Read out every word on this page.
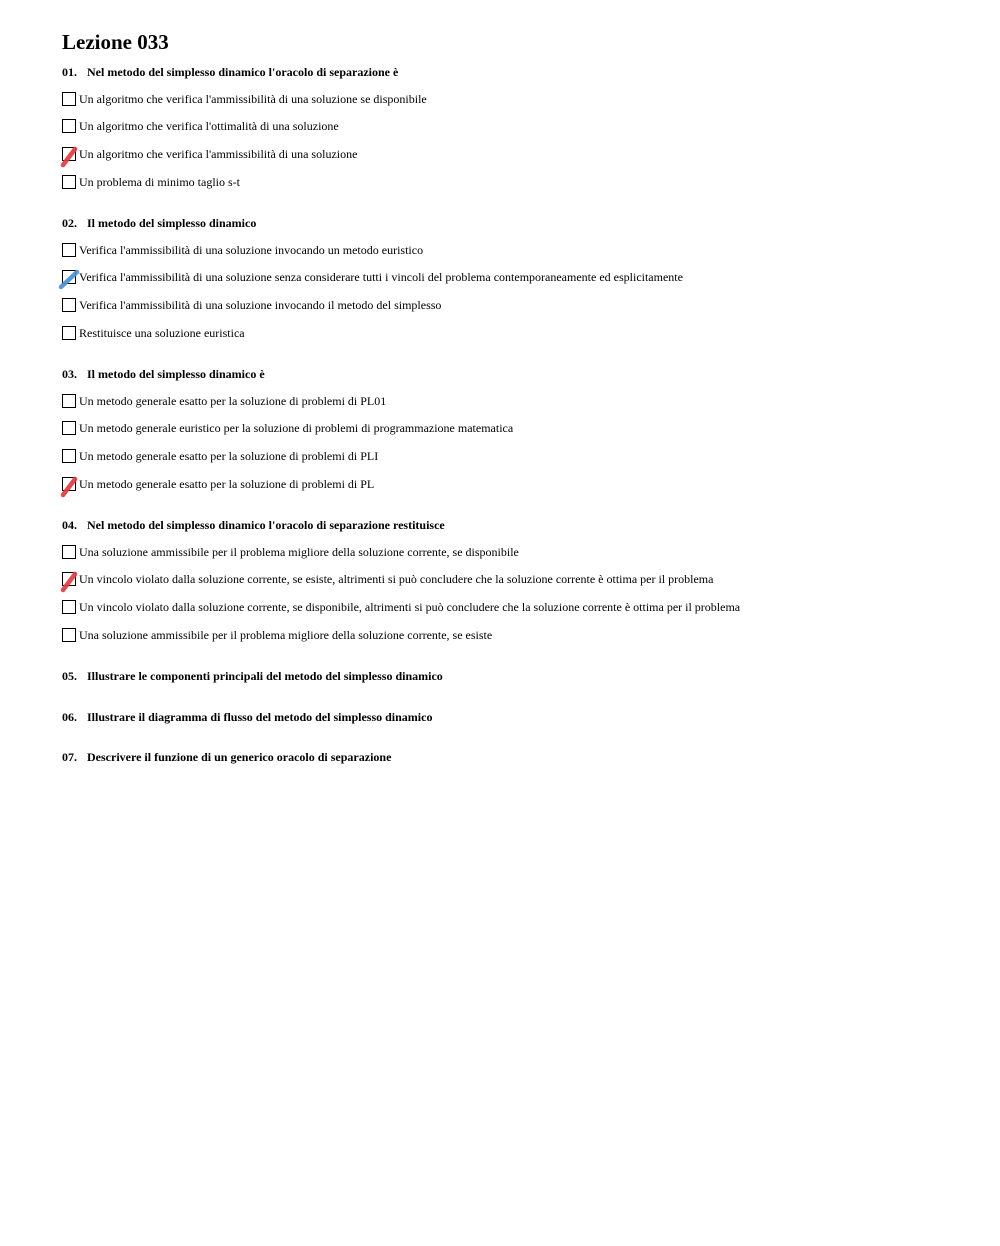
Lezione 033
01. Nel metodo del simplesso dinamico l'oracolo di separazione è
Un algoritmo che verifica l'ammissibilità di una soluzione se disponibile
Un algoritmo che verifica l'ottimalità di una soluzione
Un algoritmo che verifica l'ammissibilità di una soluzione
Un problema di minimo taglio s-t
02. Il metodo del simplesso dinamico
Verifica l'ammissibilità di una soluzione invocando un metodo euristico
Verifica l'ammissibilità di una soluzione senza considerare tutti i vincoli del problema contemporaneamente ed esplicitamente
Verifica l'ammissibilità di una soluzione invocando il metodo del simplesso
Restituisce una soluzione euristica
03. Il metodo del simplesso dinamico è
Un metodo generale esatto per la soluzione di problemi di PL01
Un metodo generale euristico per la soluzione di problemi di programmazione matematica
Un metodo generale esatto per la soluzione di problemi di PLI
Un metodo generale esatto per la soluzione di problemi di PL
04. Nel metodo del simplesso dinamico l'oracolo di separazione restituisce
Una soluzione ammissibile per il problema migliore della soluzione corrente, se disponibile
Un vincolo violato dalla soluzione corrente, se esiste, altrimenti si può concludere che la soluzione corrente è ottima per il problema
Un vincolo violato dalla soluzione corrente, se disponibile, altrimenti si può concludere che la soluzione corrente è ottima per il problema
Una soluzione ammissibile per il problema migliore della soluzione corrente, se esiste
05. Illustrare le componenti principali del metodo del simplesso dinamico
06. Illustrare il diagramma di flusso del metodo del simplesso dinamico
07. Descrivere il funzione di un generico oracolo di separazione
